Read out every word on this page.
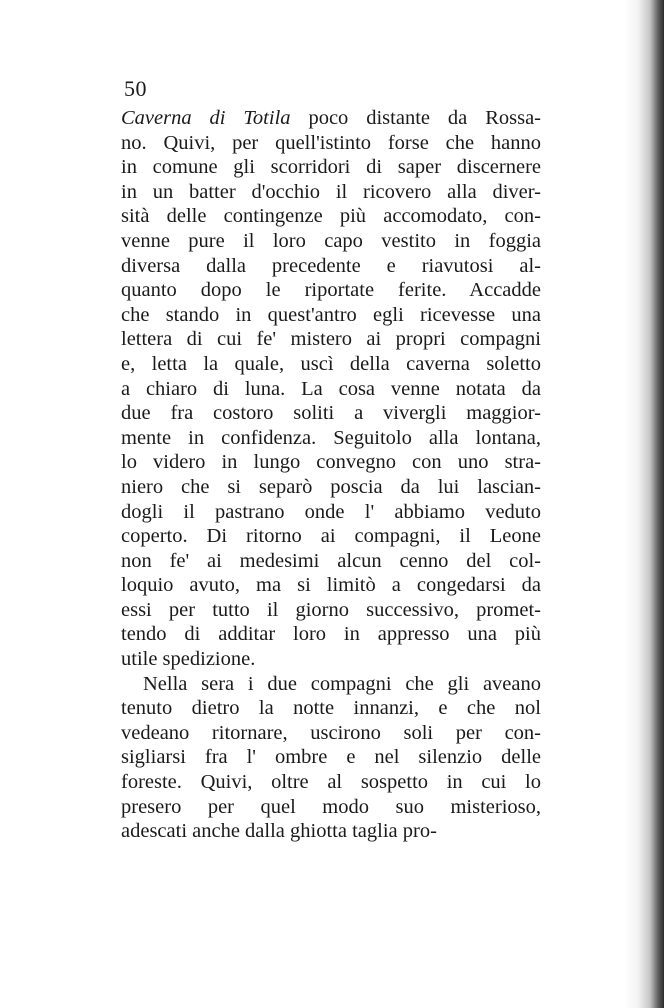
50
Caverna di Totila poco distante da Rossa-
no. Quivi, per quell'istinto forse che hanno
in comune gli scorridori di saper discernere
in un batter d'occhio il ricovero alla diver-
sità delle contingenze più accomodato, con-
venne pure il loro capo vestito in foggia
diversa dalla precedente e riavutosi al-
quanto dopo le riportate ferite. Accadde
che stando in quest'antro egli ricevesse una
lettera di cui fe' mistero ai propri compagni
e, letta la quale, uscì della caverna soletto
a chiaro di luna. La cosa venne notata da
due fra costoro soliti a vivergli maggior-
mente in confidenza. Seguitolo alla lontana,
lo videro in lungo convegno con uno stra-
niero che si separò poscia da lui lascian-
dogli il pastrano onde l' abbiamo veduto
coperto. Di ritorno ai compagni, il Leone
non fe' ai medesimi alcun cenno del col-
loquio avuto, ma si limitò a congedarsi da
essi per tutto il giorno successivo, promet-
tendo di additar loro in appresso una più
utile spedizione.
Nella sera i due compagni che gli aveano
tenuto dietro la notte innanzi, e che nol
vedeano ritornare, uscirono soli per con-
sigliarsi fra l' ombre e nel silenzio delle
foreste. Quivi, oltre al sospetto in cui lo
presero per quel modo suo misterioso,
adescati anche dalla ghiotta taglia pro-
